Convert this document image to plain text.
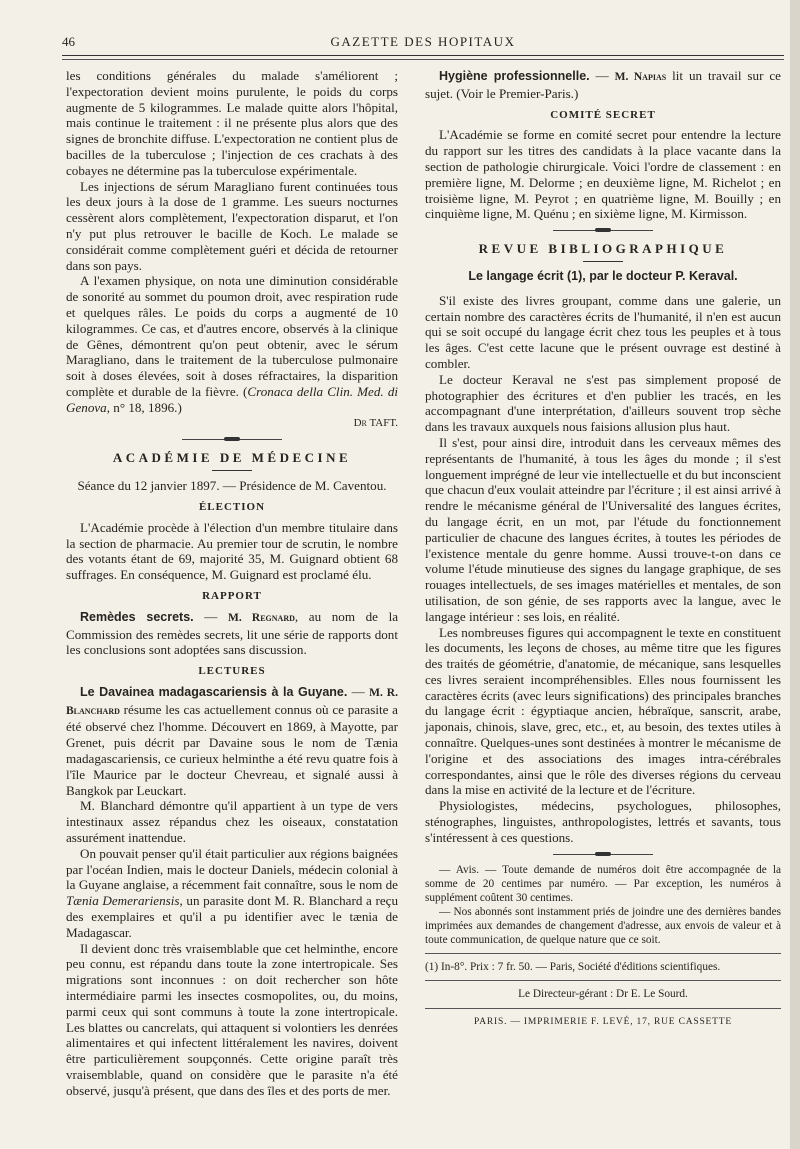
46	GAZETTE DES HOPITAUX

les conditions générales du malade s'améliorent ; l'expectoration devient moins purulente, le poids du corps augmente de 5 kilogrammes. Le malade quitte alors l'hôpital, mais continue le traitement : il ne présente plus alors que des signes de bronchite diffuse. L'expectoration ne contient plus de bacilles de la tuberculose ; l'injection de ces crachats à des cobayes ne détermine pas la tuberculose expérimentale.

Les injections de sérum Maragliano furent continuées tous les deux jours à la dose de 1 gramme. Les sueurs nocturnes cessèrent alors complètement, l'expectoration disparut, et l'on n'y put plus retrouver le bacille de Koch. Le malade se considérait comme complètement guéri et décida de retourner dans son pays.

A l'examen physique, on nota une diminution considérable de sonorité au sommet du poumon droit, avec respiration rude et quelques râles. Le poids du corps a augmenté de 10 kilogrammes. Ce cas, et d'autres encore, observés à la clinique de Gênes, démontrent qu'on peut obtenir, avec le sérum Maragliano, dans le traitement de la tuberculose pulmonaire soit à doses élevées, soit à doses réfractaires, la disparition complète et durable de la fièvre. (Cronaca della Clin. Med. di Genova, n° 18, 1896.)

Dr TAFT.
ACADÉMIE DE MÉDECINE

Séance du 12 janvier 1897. — Présidence de M. Caventou.

ÉLECTION

L'Académie procède à l'élection d'un membre titulaire dans la section de pharmacie. Au premier tour de scrutin, le nombre des votants étant de 69, majorité 35, M. Guignard obtient 68 suffrages. En conséquence, M. Guignard est proclamé élu.

RAPPORT

Remèdes secrets. — M. Regnard, au nom de la Commission des remèdes secrets, lit une série de rapports dont les conclusions sont adoptées sans discussion.

LECTURES

Le Davainea madagascariensis à la Guyane. — M. R. Blanchard résume les cas actuellement connus où ce parasite a été observé chez l'homme. Découvert en 1869, à Mayotte, par Grenet, puis décrit par Davaine sous le nom de Tænia madagascariensis, ce curieux helminthe a été revu quatre fois à l'île Maurice par le docteur Chevreau, et signalé aussi à Bangkok par Leuckart.

M. Blanchard démontre qu'il appartient à un type de vers intestinaux assez répandus chez les oiseaux, constatation assurément inattendue.

On pouvait penser qu'il était particulier aux régions baignées par l'océan Indien, mais le docteur Daniels, médecin colonial à la Guyane anglaise, a récemment fait connaître, sous le nom de Tænia Demerariensis, un parasite dont M. R. Blanchard a reçu des exemplaires et qu'il a pu identifier avec le tænia de Madagascar.

Il devient donc très vraisemblable que cet helminthe, encore peu connu, est répandu dans toute la zone intertropicale. Ses migrations sont inconnues : on doit rechercher son hôte intermédiaire parmi les insectes cosmopolites, ou, du moins, parmi ceux qui sont communs à toute la zone intertropicale. Les blattes ou cancrelats, qui attaquent si volontiers les denrées alimentaires et qui infectent littéralement les navires, doivent être particulièrement soupçonnés. Cette origine paraît très vraisemblable, quand on considère que le parasite n'a été observé, jusqu'à présent, que dans des îles et des ports de mer.

Hygiène professionnelle. — M. Napias lit un travail sur ce sujet. (Voir le Premier-Paris.)

COMITÉ SECRET

L'Académie se forme en comité secret pour entendre la lecture du rapport sur les titres des candidats à la place vacante dans la section de pathologie chirurgicale. Voici l'ordre de classement : en première ligne, M. Delorme ; en deuxième ligne, M. Richelot ; en troisième ligne, M. Peyrot ; en quatrième ligne, M. Bouilly ; en cinquième ligne, M. Quénu ; en sixième ligne, M. Kirmisson.

REVUE BIBLIOGRAPHIQUE

Le langage écrit (1), par le docteur P. Keraval.

S'il existe des livres groupant, comme dans une galerie, un certain nombre des caractères écrits de l'humanité, il n'en est aucun qui se soit occupé du langage écrit chez tous les peuples et à tous les âges. C'est cette lacune que le présent ouvrage est destiné à combler.

Le docteur Keraval ne s'est pas simplement proposé de photographier des écritures et d'en publier les tracés, en les accompagnant d'une interprétation, d'ailleurs souvent trop sèche dans les travaux auxquels nous faisions allusion plus haut.

Il s'est, pour ainsi dire, introduit dans les cerveaux mêmes des représentants de l'humanité, à tous les âges du monde ; il s'est longuement imprégné de leur vie intellectuelle et du but inconscient que chacun d'eux voulait atteindre par l'écriture ; il est ainsi arrivé à rendre le mécanisme général de l'Universalité des langues écrites, du langage écrit, en un mot, par l'étude du fonctionnement particulier de chacune des langues écrites, à toutes les périodes de l'existence mentale du genre homme. Aussi trouve-t-on dans ce volume l'étude minutieuse des signes du langage graphique, de ses rouages intellectuels, de ses images matérielles et mentales, de son utilisation, de son génie, de ses rapports avec la langue, avec le langage intérieur : ses lois, en réalité.

Les nombreuses figures qui accompagnent le texte en constituent les documents, les leçons de choses, au même titre que les figures des traités de géométrie, d'anatomie, de mécanique, sans lesquelles ces livres seraient incompréhensibles. Elles nous fournissent les caractères écrits (avec leurs significations) des principales branches du langage écrit : égyptiaque ancien, hébraïque, sanscrit, arabe, japonais, chinois, slave, grec, etc., et, au besoin, des textes utiles à connaître. Quelques-unes sont destinées à montrer le mécanisme de l'origine et des associations des images intra-cérébrales correspondantes, ainsi que le rôle des diverses régions du cerveau dans la mise en activité de la lecture et de l'écriture.

Physiologistes, médecins, psychologues, philosophes, sténographes, linguistes, anthropologistes, lettrés et savants, tous s'intéressent à ces questions.

— Avis. — Toute demande de numéros doit être accompagnée de la somme de 20 centimes par numéro. — Par exception, les numéros à supplément coûtent 30 centimes.

— Nos abonnés sont instamment priés de joindre une des dernières bandes imprimées aux demandes de changement d'adresse, aux envois de valeur et à toute communication, de quelque nature que ce soit.

(1) In-8°. Prix : 7 fr. 50. — Paris, Société d'éditions scientifiques.

Le Directeur-gérant : Dr E. Le Sourd.
PARIS. — IMPRIMERIE F. LEVÉ, 17, RUE CASSETTE
